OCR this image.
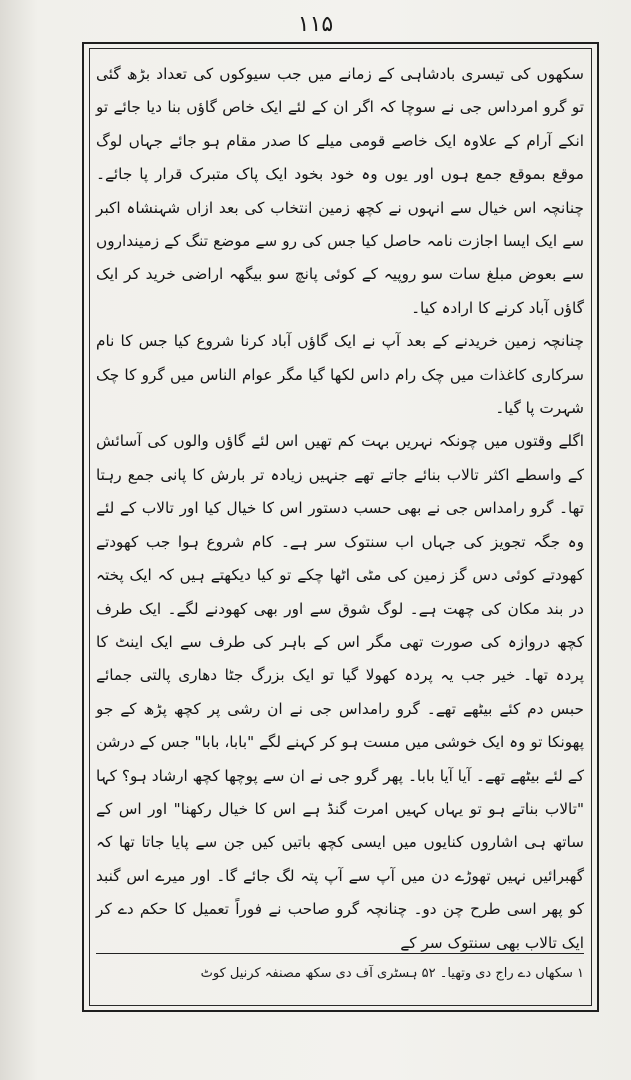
۱۱۵

سکھوں کی تیسری بادشاہی کے زمانے میں جب سیوکوں کی تعداد بڑھ گئی تو گرو امرداس جی نے سوچا کہ اگر ان کے لئے ایک خاص گاؤں بنا دیا جائے تو انکے آرام کے علاوہ ایک خاصے قومی میلے کا صدر مقام ہو جائے جہاں لوگ موقع بموقع جمع ہوں اور یوں وہ خود بخود ایک پاک متبرک قرار پا جائے۔ چنانچہ اس خیال سے انہوں نے کچھ زمین انتخاب کی بعد ازاں شہنشاہ اکبر سے ایک ایسا اجازت نامہ حاصل کیا جس کی رو سے موضع تنگ کے زمینداروں سے بعوض مبلغ سات سو روپیہ کے کوئی پانچ سو بیگھہ اراضی خرید کر ایک گاؤں آباد کرنے کا ارادہ کیا۔

چنانچہ زمین خریدنے کے بعد آپ نے ایک گاؤں آباد کرنا شروع کیا جس کا نام سرکاری کاغذات میں چک رام داس لکھا گیا مگر عوام الناس میں گرو کا چک شہرت پا گیا۔

اگلے وقتوں میں چونکہ نہریں بہت کم تھیں اس لئے گاؤں والوں کی آسائش کے واسطے اکثر تالاب بنائے جاتے تھے جنہیں زیادہ تر بارش کا پانی جمع رہتا تھا۔ گرو رامداس جی نے بھی حسب دستور اس کا خیال کیا اور تالاب کے لئے وہ جگہ تجویز کی جہاں اب سنتوک سر ہے۔ کام شروع ہوا جب کھودتے کھودتے کوئی دس گز زمین کی مٹی اٹھا چکے تو کیا دیکھتے ہیں کہ ایک پختہ در بند مکان کی چھت ہے۔ لوگ شوق سے اور بھی کھودنے لگے۔ ایک طرف کچھ دروازہ کی صورت تھی مگر اس کے باہر کی طرف سے ایک اینٹ کا پردہ تھا۔ خیر جب یہ پردہ کھولا گیا تو ایک بزرگ جٹا دھاری پالتی جمائے حبس دم کئے بیٹھے تھے۔ گرو رامداس جی نے ان رشی پر کچھ پڑھ کے جو پھونکا تو وہ ایک خوشی میں مست ہو کر کہنے لگے "بابا، بابا" جس کے درشن کے لئے بیٹھے تھے۔ آیا آیا بابا۔ پھر گرو جی نے ان سے پوچھا کچھ ارشاد ہو؟ کہا "تالاب بناتے ہو تو یہاں کہیں امرت گنڈ ہے اس کا خیال رکھنا" اور اس کے ساتھ ہی اشاروں کنایوں میں ایسی کچھ باتیں کیں جن سے پایا جاتا تھا کہ گھبرائیں نہیں تھوڑے دن میں آپ سے آپ پتہ لگ جائے گا۔ اور میرے اس گنبد کو پھر اسی طرح چن دو۔ چنانچہ گرو صاحب نے فوراً تعمیل کا حکم دے کر ایک تالاب بھی سنتوک سر کے

۱ سکھاں دے راج دی وتھیا۔ ۵۲ ہسٹری آف دی سکھ مصنفہ کرنیل کوٹ
